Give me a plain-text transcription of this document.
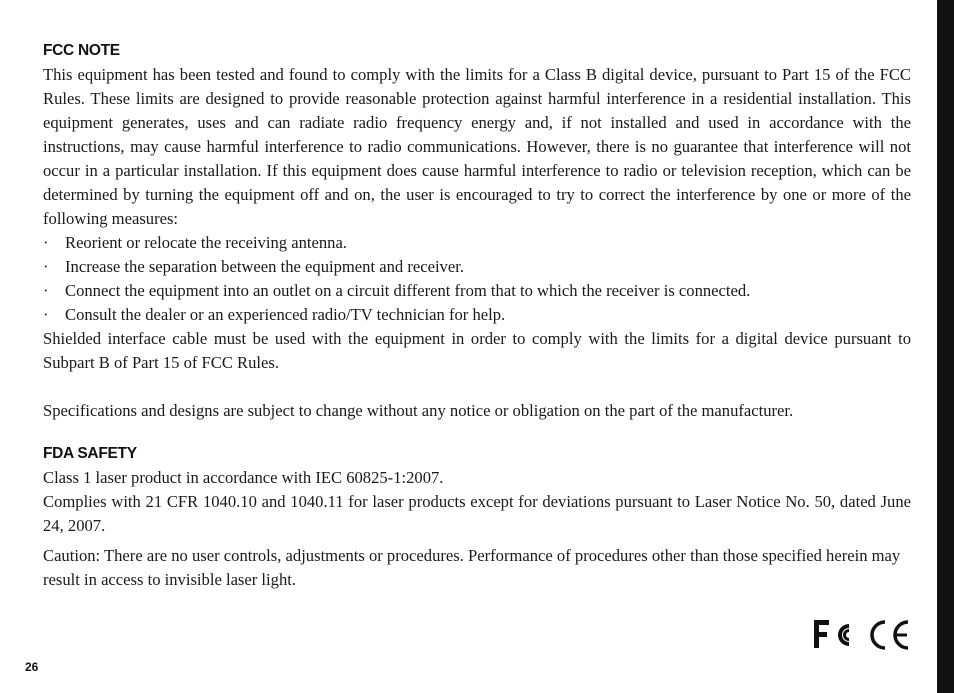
FCC NOTE

This equipment has been tested and found to comply with the limits for a Class B digital device, pursuant to Part 15 of the FCC Rules. These limits are designed to provide reasonable protection against harmful interference in a residential installation. This equipment generates, uses and can radiate radio frequency energy and, if not installed and used in accordance with the instructions, may cause harmful interference to radio communications. However, there is no guarantee that interference will not occur in a particular installation. If this equipment does cause harmful interference to radio or television reception, which can be determined by turning the equipment off and on, the user is encouraged to try to correct the interference by one or more of the following measures:

· Reorient or relocate the receiving antenna.
· Increase the separation between the equipment and receiver.
· Connect the equipment into an outlet on a circuit different from that to which the receiver is connected.
· Consult the dealer or an experienced radio/TV technician for help.

Shielded interface cable must be used with the equipment in order to comply with the limits for a digital device pursuant to Subpart B of Part 15 of FCC Rules.

Specifications and designs are subject to change without any notice or obligation on the part of the manufacturer.

FDA SAFETY

Class 1 laser product in accordance with IEC 60825-1:2007.

Complies with 21 CFR 1040.10 and 1040.11 for laser products except for deviations pursuant to Laser Notice No. 50, dated June 24, 2007.

Caution: There are no user controls, adjustments or procedures. Performance of procedures other than those specified herein may result in access to invisible laser light.

26
